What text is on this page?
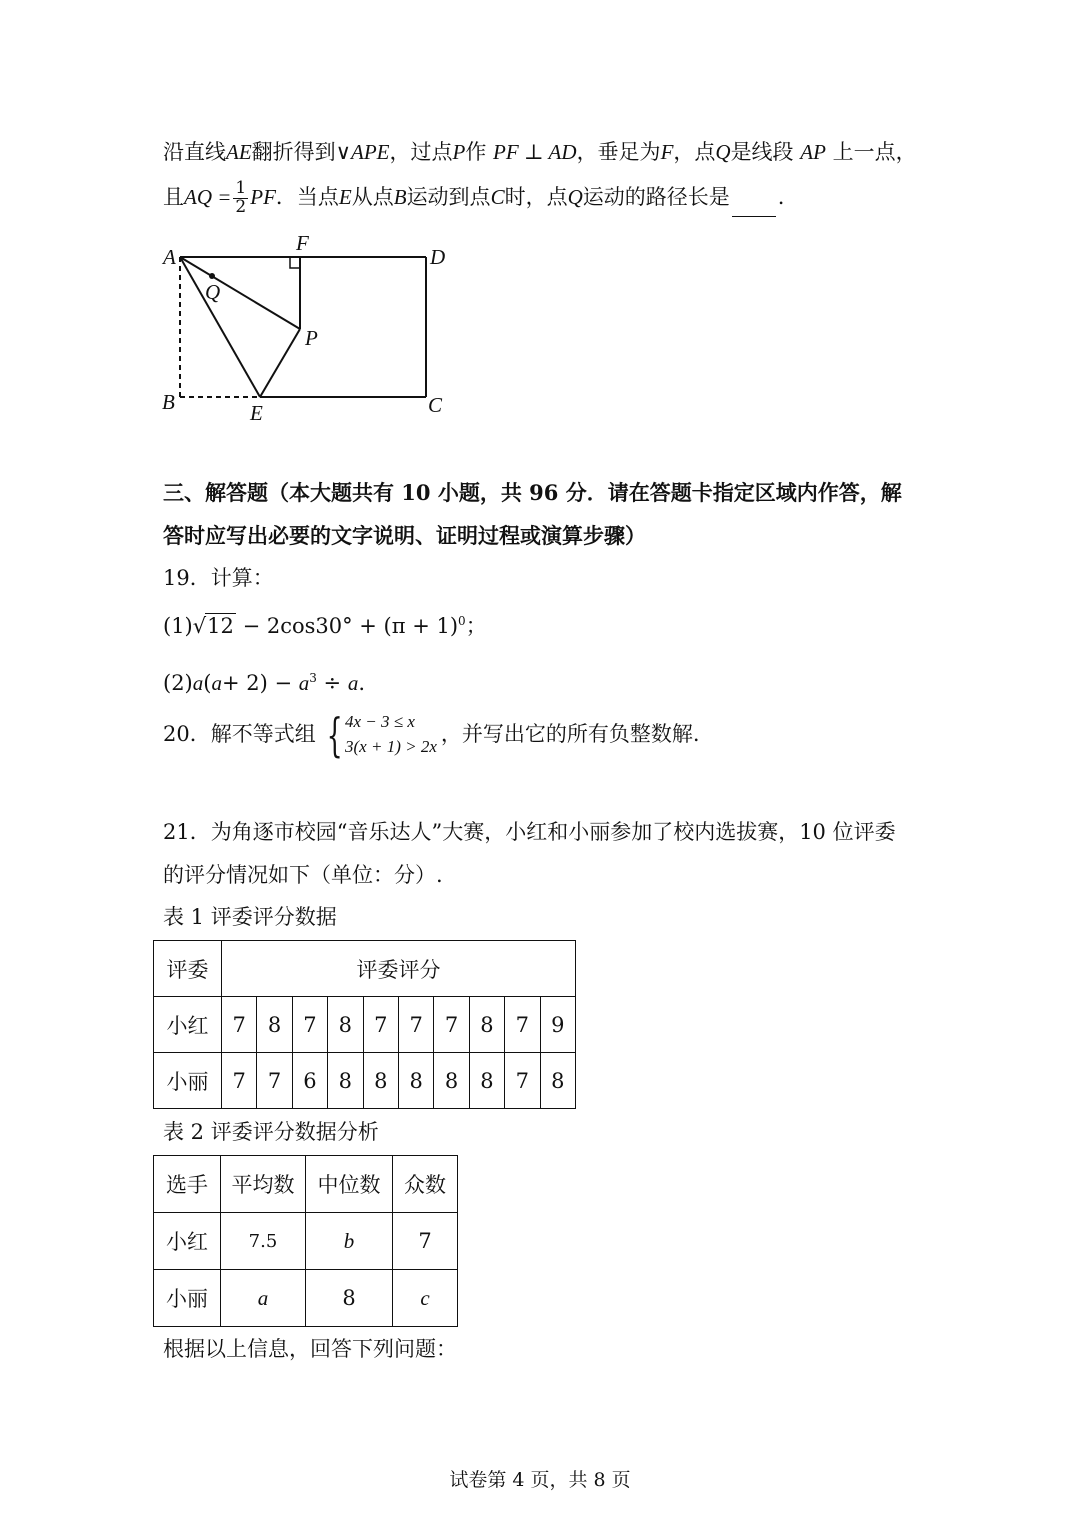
沿直线AE翻折得到∨APE，过点P作 PF ⊥ AD，垂足为F，点Q是线段 AP 上一点，
且AQ = $\frac{1}{2}$ PF．当点E从点B运动到点C时，点Q运动的路径长是 .
A
F
D
Q
P
B	E	C
三、解答题（本大题共有 10 小题，共 96 分．请在答题卡指定区域内作答，解
答时应写出必要的文字说明、证明过程或演算步骤）
19．计算：
$(1)√12 - 2\cos 30^\circ + (\pi + 1)^0$；
$(2)a(a+ 2) - a^3 \div a$.
20．解不等式组 { 4x − 3 ≤ x
3(x + 1) > 2x
，并写出它的所有负整数解.
21．为角逐市校园“音乐达人”大赛，小红和小丽参加了校内选拔赛，10 位评委
的评分情况如下（单位：分）.
表 1 评委评分数据
评委	评委评分									
小红	7	8	7	8	7	7	7	8	7	9
小丽	7	7	6	8	8	8	8	8	7	8
表 2 评委评分数据分析
选手	平均数	中位数	众数
小红	7.5	b	7
小丽	a	8	c
根据以上信息，回答下列问题：
试卷第 4 页，共 8 页
